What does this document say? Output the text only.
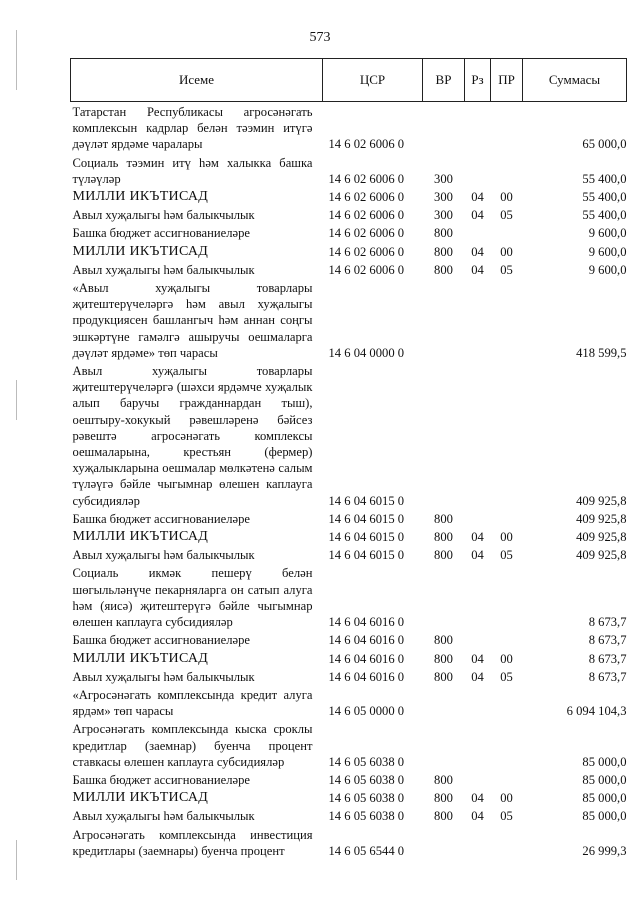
573
Исеме	ЦСР	ВР	Рз	ПР	Суммасы
Татарстан Республикасы агросәнәгать комплексын кадрлар белән тәэмин итүгә дәүләт ярдәме чаралары	14 6 02 6006 0				65 000,0
Социаль тәэмин итү һәм халыкка башка түләүләр	14 6 02 6006 0	300			55 400,0
МИЛЛИ ИКЪТИСАД	14 6 02 6006 0	300	04	00	55 400,0
Авыл хуҗалыгы һәм балыкчылык	14 6 02 6006 0	300	04	05	55 400,0
Башка бюджет ассигнованиеләре	14 6 02 6006 0	800			9 600,0
МИЛЛИ ИКЪТИСАД	14 6 02 6006 0	800	04	00	9 600,0
Авыл хуҗалыгы һәм балыкчылык	14 6 02 6006 0	800	04	05	9 600,0
«Авыл хуҗалыгы товарлары җитештерүчеләргә һәм авыл хуҗалыгы продукциясен башлангыч һәм аннан соңгы эшкәртүне гамәлгә ашыручы оешмаларга дәүләт ярдәме» төп чарасы	14 6 04 0000 0				418 599,5
Авыл хуҗалыгы товарлары җитештерүчеләргә (шәхси ярдәмче хуҗалык алып баручы гражданнардан тыш), оештыру-хокукый рәвешләренә бәйсез рәвештә агросәнәгать комплексы оешмаларына, крестьян (фермер) хуҗалыкларына оешмалар мөлкәтенә салым түләүгә бәйле чыгымнар өлешен каплауга субсидияләр	14 6 04 6015 0				409 925,8
Башка бюджет ассигнованиеләре	14 6 04 6015 0	800			409 925,8
МИЛЛИ ИКЪТИСАД	14 6 04 6015 0	800	04	00	409 925,8
Авыл хуҗалыгы һәм балыкчылык	14 6 04 6015 0	800	04	05	409 925,8
Социаль икмәк пешерү белән шөгыльләнүче пекарняларга он сатып алуга һәм (яисә) җитештерүгә бәйле чыгымнар өлешен каплауга субсидияләр	14 6 04 6016 0				8 673,7
Башка бюджет ассигнованиеләре	14 6 04 6016 0	800			8 673,7
МИЛЛИ ИКЪТИСАД	14 6 04 6016 0	800	04	00	8 673,7
Авыл хуҗалыгы һәм балыкчылык	14 6 04 6016 0	800	04	05	8 673,7
«Агросәнәгать комплексында кредит алуга ярдәм» төп чарасы	14 6 05 0000 0				6 094 104,3
Агросәнәгать комплексында кыска сроклы кредитлар (заемнар) буенча процент ставкасы өлешен каплауга субсидияләр	14 6 05 6038 0				85 000,0
Башка бюджет ассигнованиеләре	14 6 05 6038 0	800			85 000,0
МИЛЛИ ИКЪТИСАД	14 6 05 6038 0	800	04	00	85 000,0
Авыл хуҗалыгы һәм балыкчылык	14 6 05 6038 0	800	04	05	85 000,0
Агросәнәгать комплексында инвестиция кредитлары (заемнары) буенча процент	14 6 05 6544 0				26 999,3
